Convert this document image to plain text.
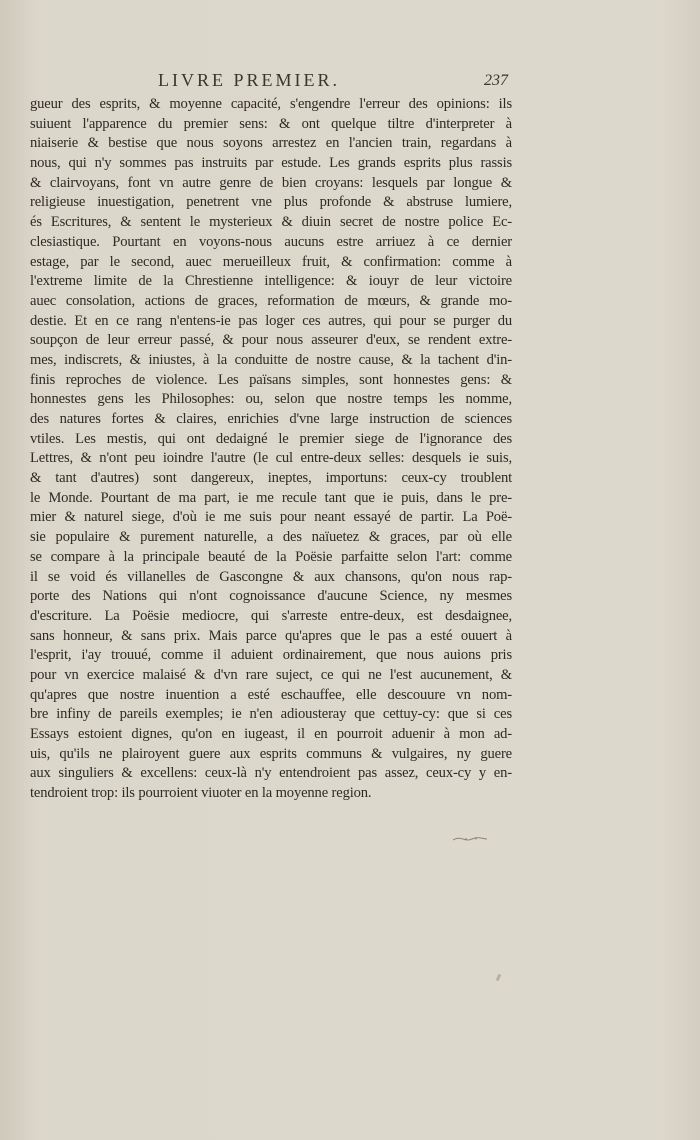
LIVRE PREMIER.	237
gueur des esprits, & moyenne capacité, s'engendre l'erreur des opinions: ils
suiuent l'apparence du premier sens: & ont quelque tiltre d'interpreter à
niaiserie & bestise que nous soyons arrestez en l'ancien train, regardans à
nous, qui n'y sommes pas instruits par estude. Les grands esprits plus rassis
& clairvoyans, font vn autre genre de bien croyans: lesquels par longue &
religieuse inuestigation, penetrent vne plus profonde & abstruse lumiere,
és Escritures, & sentent le mysterieux & diuin secret de nostre police Ec-
clesiastique. Pourtant en voyons-nous aucuns estre arriuez à ce dernier
estage, par le second, auec merueilleux fruit, & confirmation: comme à
l'extreme limite de la Chrestienne intelligence: & iouyr de leur victoire
auec consolation, actions de graces, reformation de mœurs, & grande mo-
destie. Et en ce rang n'entens-ie pas loger ces autres, qui pour se purger du
soupçon de leur erreur passé, & pour nous asseurer d'eux, se rendent extre-
mes, indiscrets, & iniustes, à la conduitte de nostre cause, & la tachent d'in-
finis reproches de violence. Les païsans simples, sont honnestes gens: &
honnestes gens les Philosophes: ou, selon que nostre temps les nomme,
des natures fortes & claires, enrichies d'vne large instruction de sciences
vtiles. Les mestis, qui ont dedaigné le premier siege de l'ignorance des
Lettres, & n'ont peu ioindre l'autre (le cul entre-deux selles: desquels ie suis,
& tant d'autres) sont dangereux, ineptes, importuns: ceux-cy troublent
le Monde. Pourtant de ma part, ie me recule tant que ie puis, dans le pre-
mier & naturel siege, d'où ie me suis pour neant essayé de partir. La Poë-
sie populaire & purement naturelle, a des naïuetez & graces, par où elle
se compare à la principale beauté de la Poësie parfaitte selon l'art: comme
il se void és villanelles de Gascongne & aux chansons, qu'on nous rap-
porte des Nations qui n'ont cognoissance d'aucune Science, ny mesmes
d'escriture. La Poësie mediocre, qui s'arreste entre-deux, est desdaignee,
sans honneur, & sans prix. Mais parce qu'apres que le pas a esté ouuert à
l'esprit, i'ay trouué, comme il aduient ordinairement, que nous auions pris
pour vn exercice malaisé & d'vn rare suject, ce qui ne l'est aucunement, &
qu'apres que nostre inuention a esté eschauffee, elle descouure vn nom-
bre infiny de pareils exemples; ie n'en adiousteray que cettuy-cy: que si ces
Essays estoient dignes, qu'on en iugeast, il en pourroit aduenir à mon ad-
uis, qu'ils ne plairoyent guere aux esprits communs & vulgaires, ny guere
aux singuliers & excellens: ceux-là n'y entendroient pas assez, ceux-cy y en-
tendroient trop: ils pourroient viuoter en la moyenne region.
